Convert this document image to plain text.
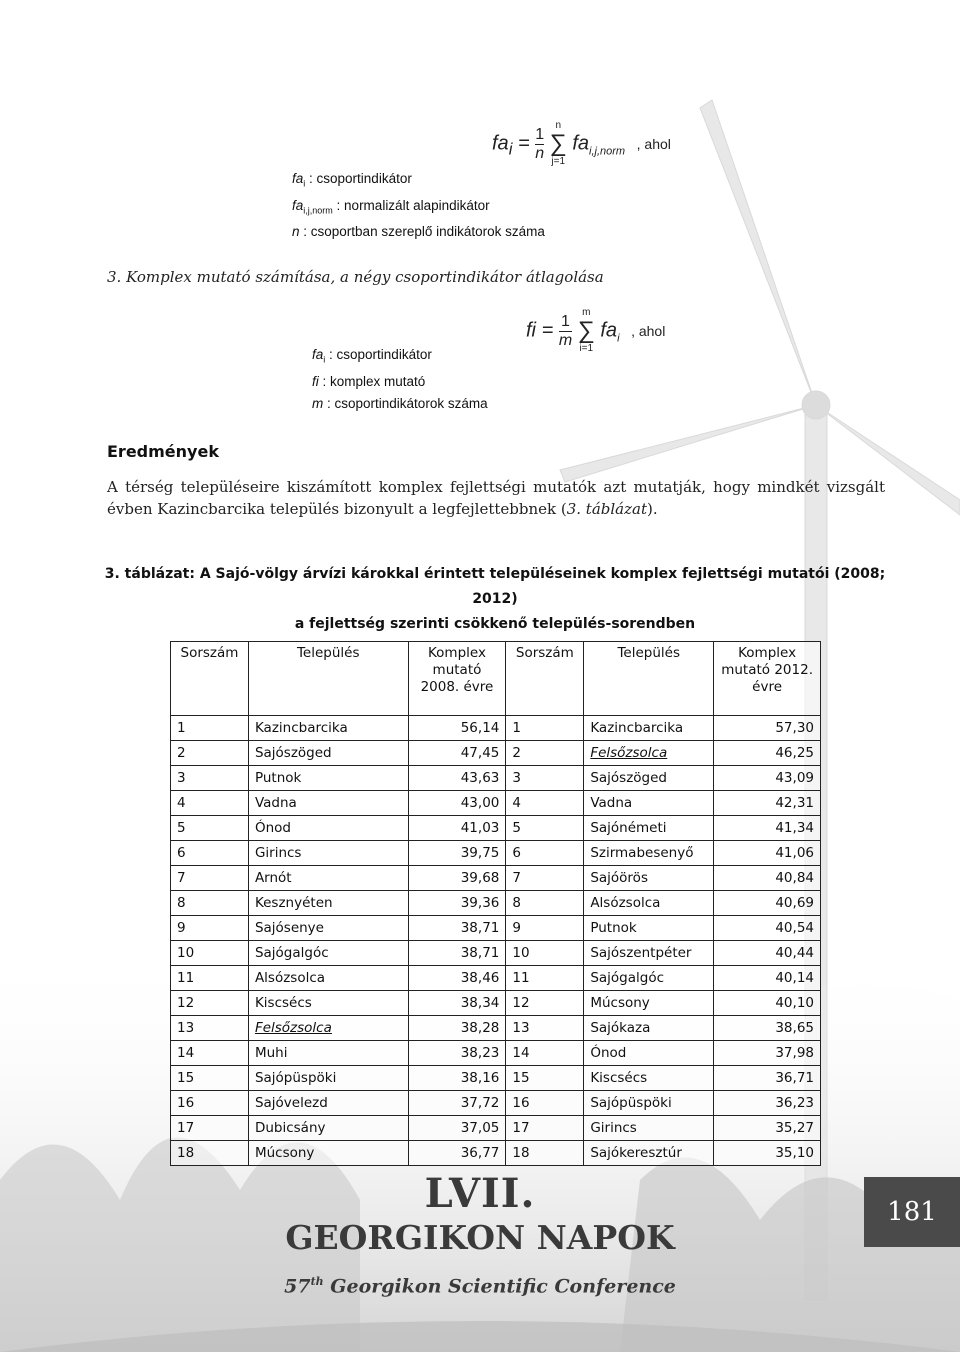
$fa_i = \frac{1}{n}$
	n
∑
j=1
$fa_{i,j,norm}$ , ahol
$fa_i$ : csoportindikátor
$fa_{i,j,norm}$ : normalizált alapindikátor
n : csoportban szereplő indikátorok száma
3. Komplex mutató számítása, a négy csoportindikátor átlagolása
fi = $\frac{1}{m}$
m
∑
i=1
$fa_i$ , ahol
$fa_i$ : csoportindikátor
fi : komplex mutató
m : csoportindikátorok száma
Eredmények
A térség településeire kiszámított komplex fejlettségi mutatók azt mutatják, hogy mindkét vizsgált évben Kazincbarcika település bizonyult a legfejlettebbnek (3. táblázat).
3. táblázat: A Sajó-völgy árvízi károkkal érintett településeinek komplex fejlettségi mutatói (2008; 2012)
a fejlettség szerinti csökkenő település-sorendben
Sorszám	Település	Komplex mutató 2008. évre	Sorszám	Település	Komplex mutató 2012. évre
1	Kazincbarcika	56,14	1	Kazincbarcika	57,30
2	Sajószöged	47,45	2	Felsőzsolca	46,25
3	Putnok	43,63	3	Sajószöged	43,09
4	Vadna	43,00	4	Vadna	42,31
5	Ónod	41,03	5	Sajónémeti	41,34
6	Girincs	39,75	6	Szirmabesenyő	41,06
7	Arnót	39,68	7	Sajóörös	40,84
8	Kesznyéten	39,36	8	Alsózsolca	40,69
9	Sajósenye	38,71	9	Putnok	40,54
10	Sajógalgóc	38,71	10	Sajószentpéter	40,44
11	Alsózsolca	38,46	11	Sajógalgóc	40,14
12	Kiscsécs	38,34	12	Múcsony	40,10
13	Felsőzsolca	38,28	13	Sajókaza	38,65
14	Muhi	38,23	14	Ónod	37,98
15	Sajópüspöki	38,16	15	Kiscsécs	36,71
16	Sajóvelezd	37,72	16	Sajópüspöki	36,23
17	Dubicsány	37,05	17	Girincs	35,27
18	Múcsony	36,77	18	Sajókeresztúr	35,10
LVII.
GEORGIKON NAPOK
57th Georgikon Scientific Conference
181
